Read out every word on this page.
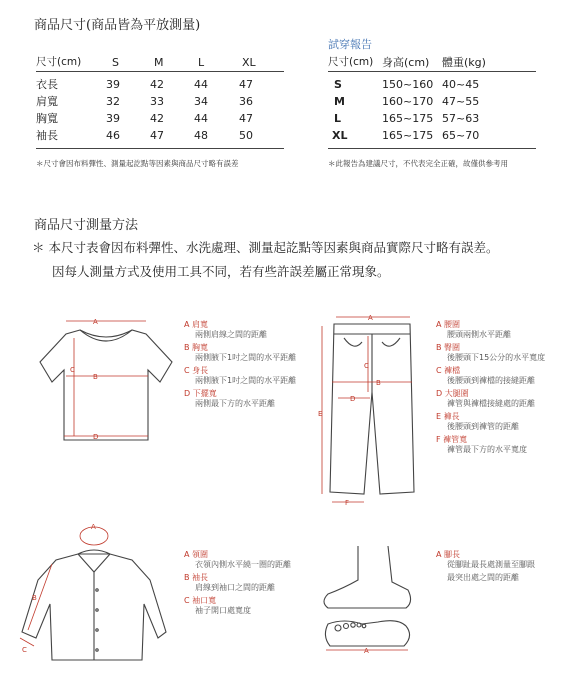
商品尺寸(商品皆為平放測量)
尺寸(cm)	S	M	L	XL
衣長	39	42	44	47
肩寬	32	33	34	36
胸寬	39	42	44	47
袖長	46	47	48	50
＊尺寸會因布料彈性、測量起訖點等因素與商品尺寸略有誤差
試穿報告
尺寸(cm) 身高(cm) 體重(kg)
S	150~160 40~45
M	160~170 47~55
L	165~175 57~63
XL	165~175 65~70
＊此報告為建議尺寸，不代表完全正確，故僅供參考用
商品尺寸測量方法
＊ 本尺寸表會因布料彈性、水洗處理、測量起訖點等因素與商品實際尺寸略有誤差。
因每人測量方式及使用工具不同，若有些許誤差屬正常現象。
A
B
C
D
A 肩寬
兩側肩線之間的距離
B 胸寬
兩側腋下1吋之間的水平距離
C 身長
兩側腋下1吋之間的水平距離
D 下擺寬
兩側最下方的水平距離
A
B
C
D
E
F
A 腰圍
腰頭兩側水平距離
B 臀圍
後腰頭下15公分的水平寬度
C 褲檔
後腰頭到褲檔的接縫距離
D 大腿圍
褲管與褲檔接縫處的距離
E 褲長
後腰頭到褲管的距離
F 褲管寬
褲管最下方的水平寬度
A
B
C
A 領圍
衣領內側水平繞一圈的距離
B 袖長
肩線到袖口之間的距離
C 袖口寬
袖子開口處寬度
A
A 腳長
從腳趾最長處測量至腳跟
最突出處之間的距離
